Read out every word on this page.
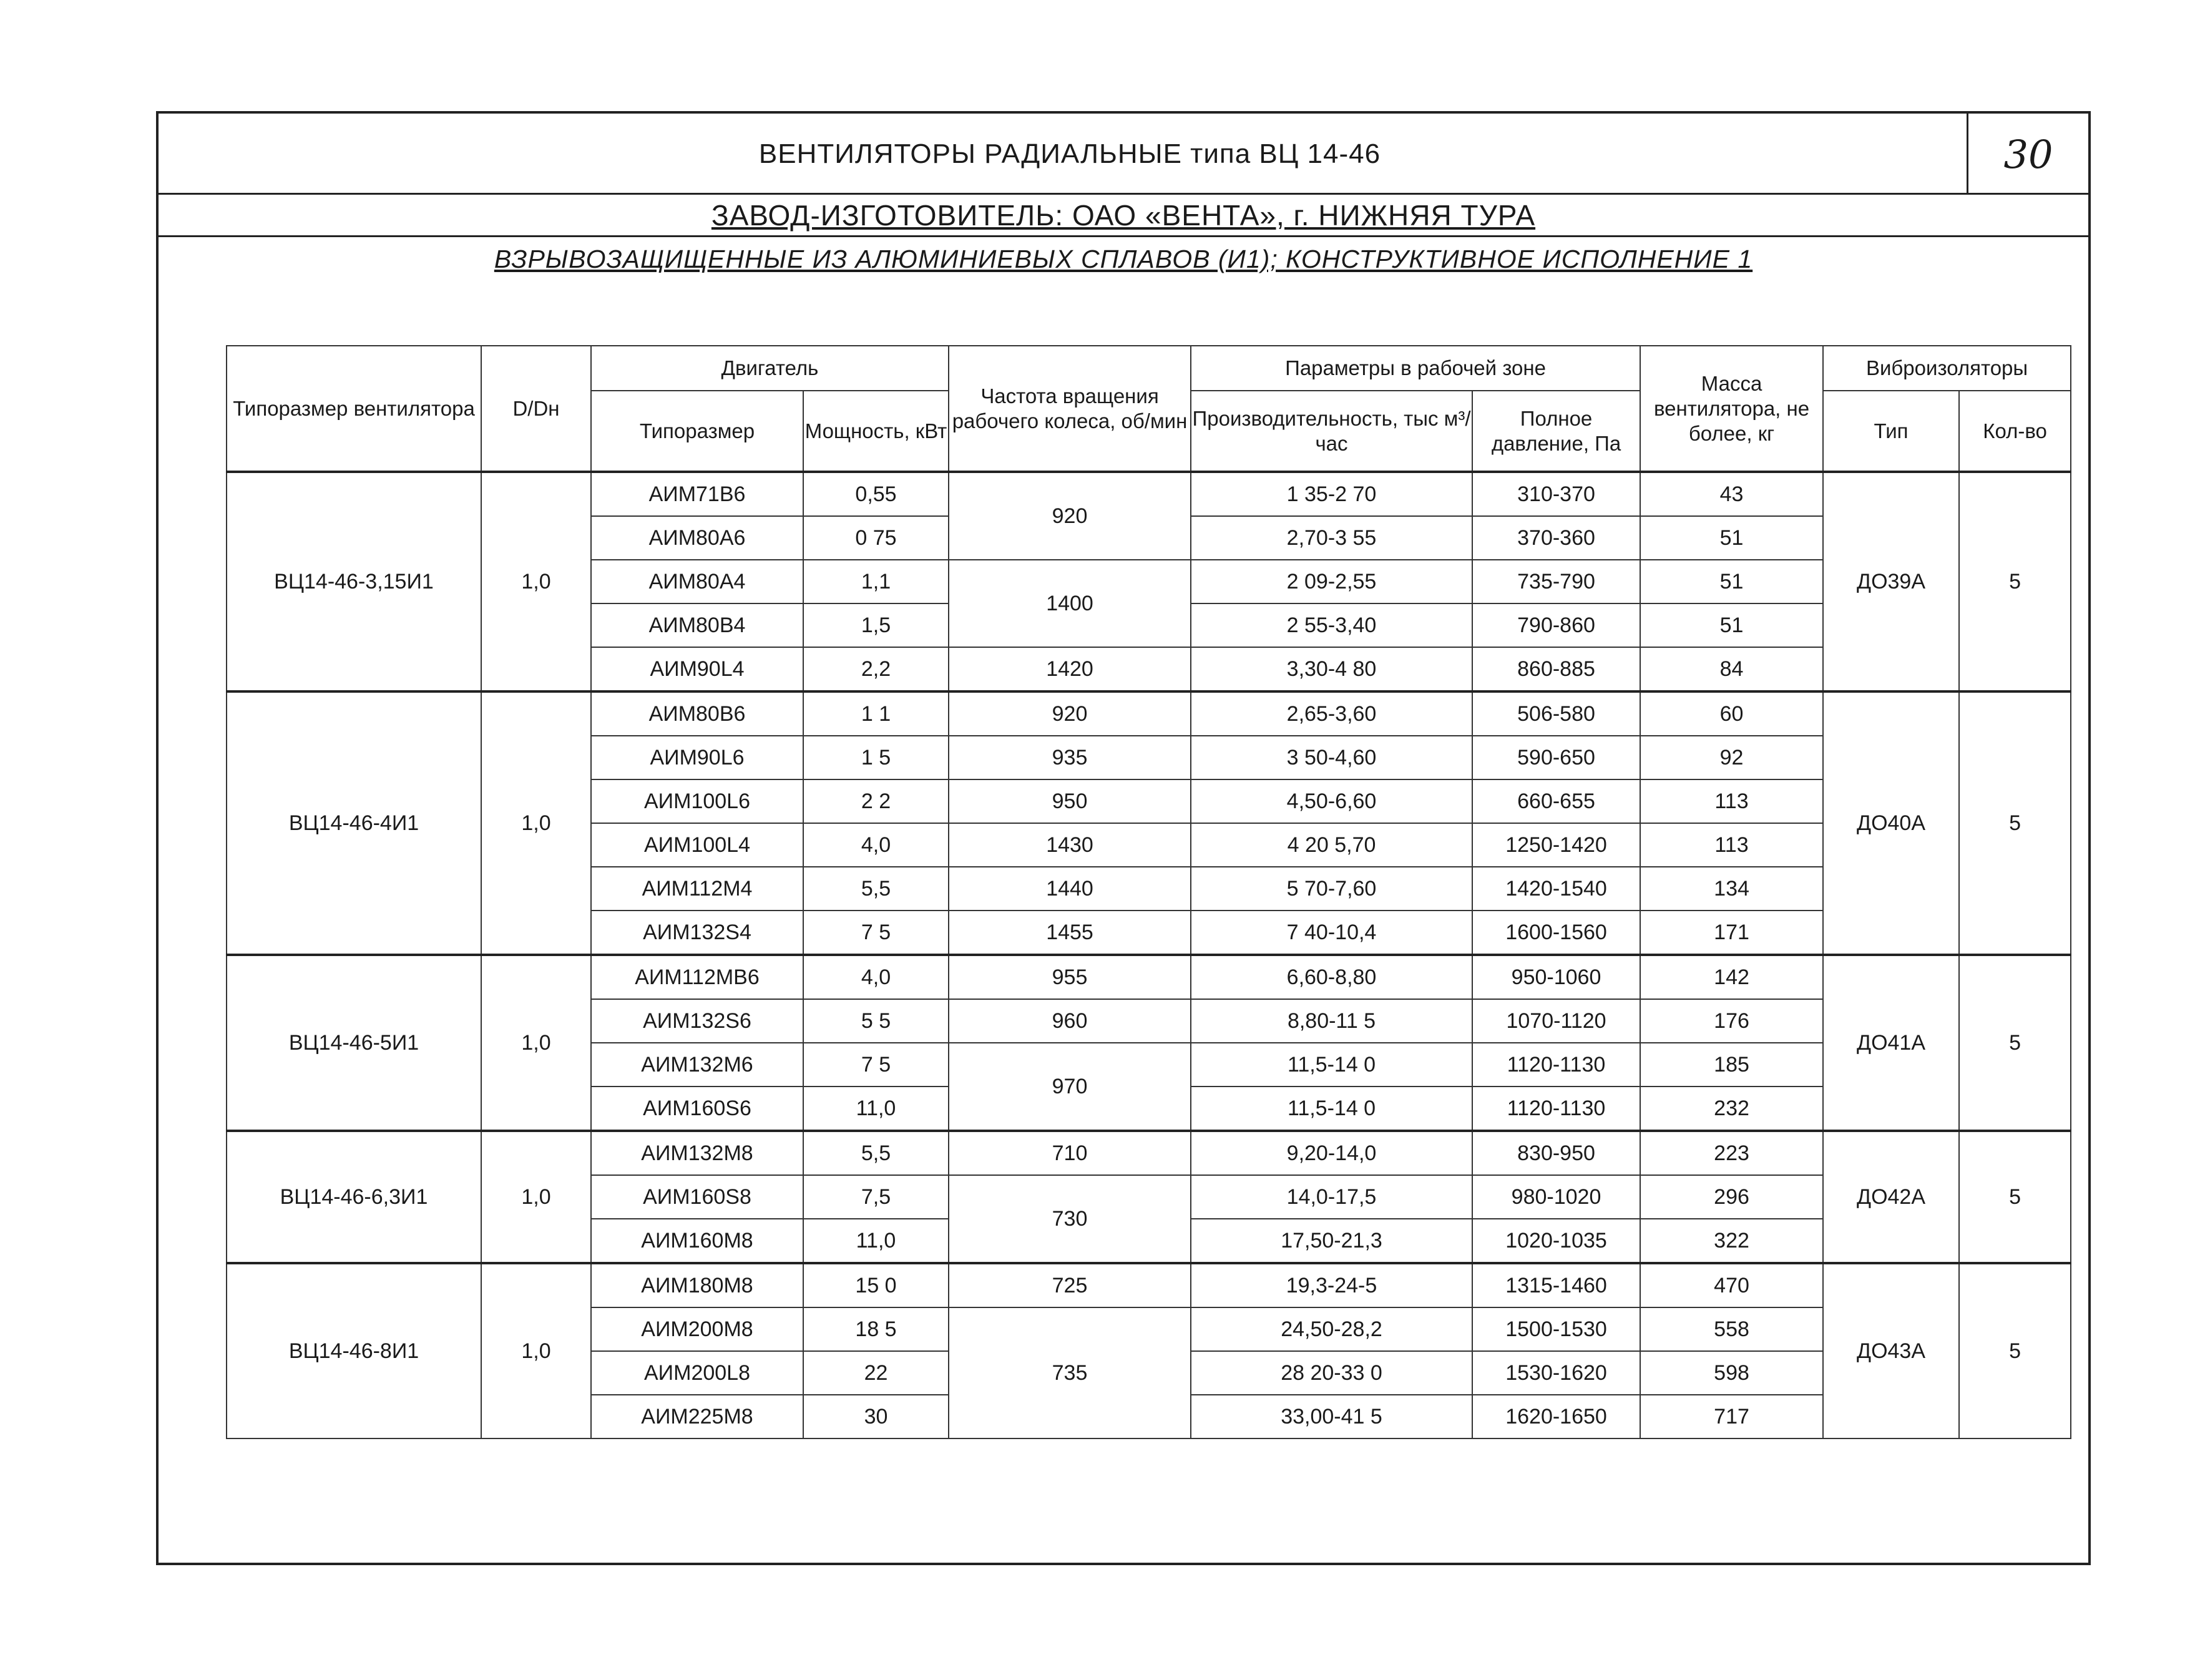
ВЕНТИЛЯТОРЫ РАДИАЛЬНЫЕ типа ВЦ 14-46	30
ЗАВОД-ИЗГОТОВИТЕЛЬ: ОАО «ВЕНТА», г. НИЖНЯЯ ТУРА
ВЗРЫВОЗАЩИЩЕННЫЕ ИЗ АЛЮМИНИЕВЫХ СПЛАВОВ (И1); КОНСТРУКТИВНОЕ ИСПОЛНЕНИЕ 1
Типоразмер вентилятора	D/Dн	Двигатель		Частота вращения рабочего колеса, об/мин	Параметры в рабочей зоне		Масса вентилятора, не более, кг	Виброизоляторы	
		Типоразмер	Мощность, кВт		Производительность, тыс м³/час	Полное давление, Па		Тип	Кол-во
ВЦ14-46-3,15И1	1,0	АИМ71В6	0,55	920	1 35-2 70	310-370	43	ДО39А	5
		АИМ80А6	0 75		2,70-3 55	370-360	51		
		АИМ80А4	1,1	1400	2 09-2,55	735-790	51		
		АИМ80В4	1,5		2 55-3,40	790-860	51		
		АИМ90L4	2,2	1420	3,30-4 80	860-885	84		
ВЦ14-46-4И1	1,0	АИМ80В6	1 1	920	2,65-3,60	506-580	60	ДО40А	5
		АИМ90L6	1 5	935	3 50-4,60	590-650	92		
		АИМ100L6	2 2	950	4,50-6,60	660-655	113		
		АИМ100L4	4,0	1430	4 20 5,70	1250-1420	113		
		АИМ112М4	5,5	1440	5 70-7,60	1420-1540	134		
		АИМ132S4	7 5	1455	7 40-10,4	1600-1560	171		
ВЦ14-46-5И1	1,0	АИМ112МВ6	4,0	955	6,60-8,80	950-1060	142	ДО41А	5
		АИМ132S6	5 5	960	8,80-11 5	1070-1120	176		
		АИМ132М6	7 5	970	11,5-14 0	1120-1130	185		
		АИМ160S6	11,0		11,5-14 0	1120-1130	232		
ВЦ14-46-6,3И1	1,0	АИМ132М8	5,5	710	9,20-14,0	830-950	223	ДО42А	5
		АИМ160S8	7,5	730	14,0-17,5	980-1020	296		
		АИМ160М8	11,0		17,50-21,3	1020-1035	322		
ВЦ14-46-8И1	1,0	АИМ180М8	15 0	725	19,3-24-5	1315-1460	470	ДО43А	5
		АИМ200М8	18 5	735	24,50-28,2	1500-1530	558		
		АИМ200L8	22		28 20-33 0	1530-1620	598		
		АИМ225М8	30		33,00-41 5	1620-1650	717		
